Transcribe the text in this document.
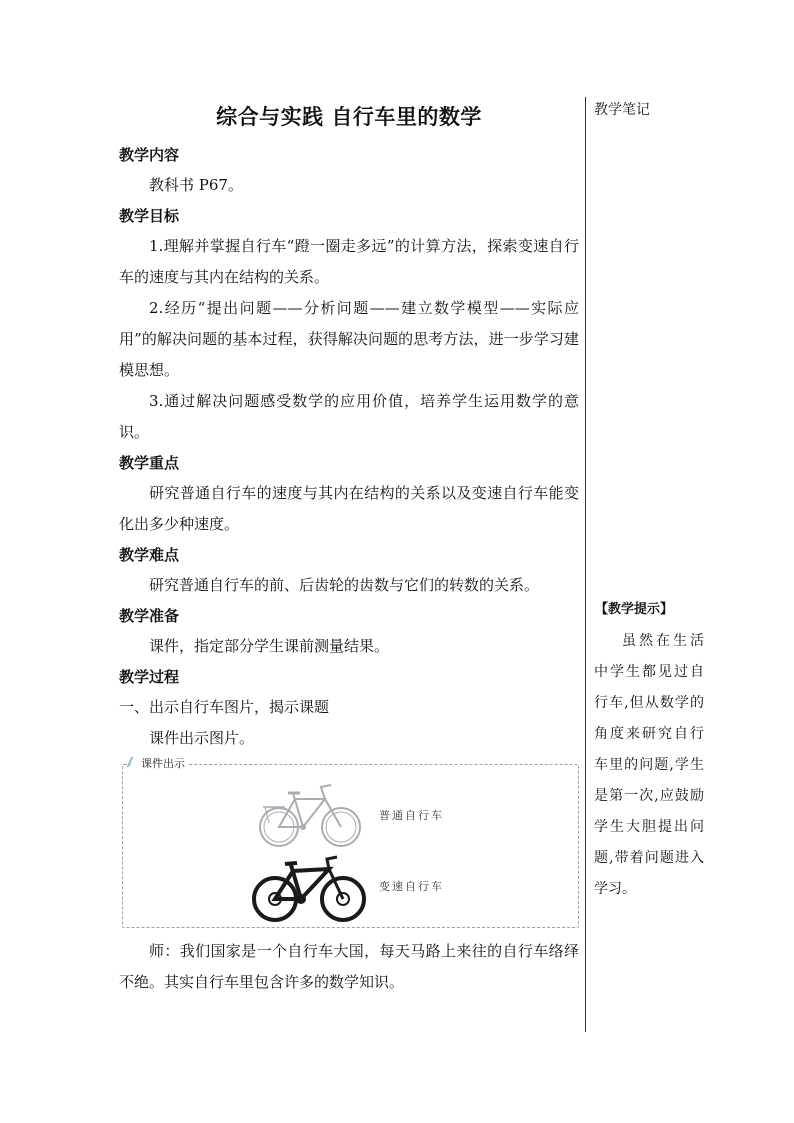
综合与实践 自行车里的数学
教学内容

教科书 P67。

教学目标

1.理解并掌握自行车“蹬一圈走多远”的计算方法，探索变速自行车的速度与其内在结构的关系。

2.经历“提出问题——分析问题——建立数学模型——实际应用”的解决问题的基本过程，获得解决问题的思考方法，进一步学习建模思想。

3.通过解决问题感受数学的应用价值，培养学生运用数学的意识。

教学重点

研究普通自行车的速度与其内在结构的关系以及变速自行车能变化出多少种速度。

教学难点

研究普通自行车的前、后齿轮的齿数与它们的转数的关系。

教学准备

课件，指定部分学生课前测量结果。

教学过程

一、出示自行车图片，揭示课题

课件出示图片。

课件出示
普通自行车
变速自行车

师：我们国家是一个自行车大国，每天马路上来往的自行车络绎不绝。其实自行车里包含许多的数学知识。

教学笔记
【教学提示】

虽然在生活中学生都见过自行车,但从数学的角度来研究自行车里的问题,学生是第一次,应鼓励学生大胆提出问题,带着问题进入学习。
